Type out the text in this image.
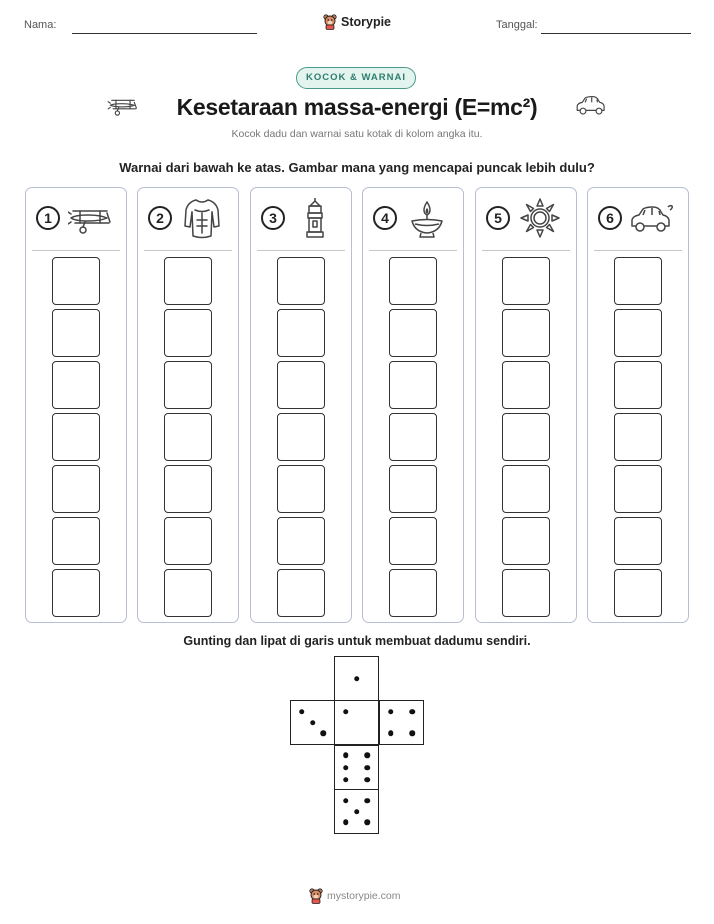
Nama:	Storypie	Tanggal:
KOCOK & WARNAI
Kesetaraan massa-energi (E=mc²)
Kocok dadu dan warnai satu kotak di kolom angka itu.
Warnai dari bawah ke atas. Gambar mana yang mencapai puncak lebih dulu?
1	2	3	4	5	6
Gunting dan lipat di garis untuk membuat dadumu sendiri.
mystorypie.com
